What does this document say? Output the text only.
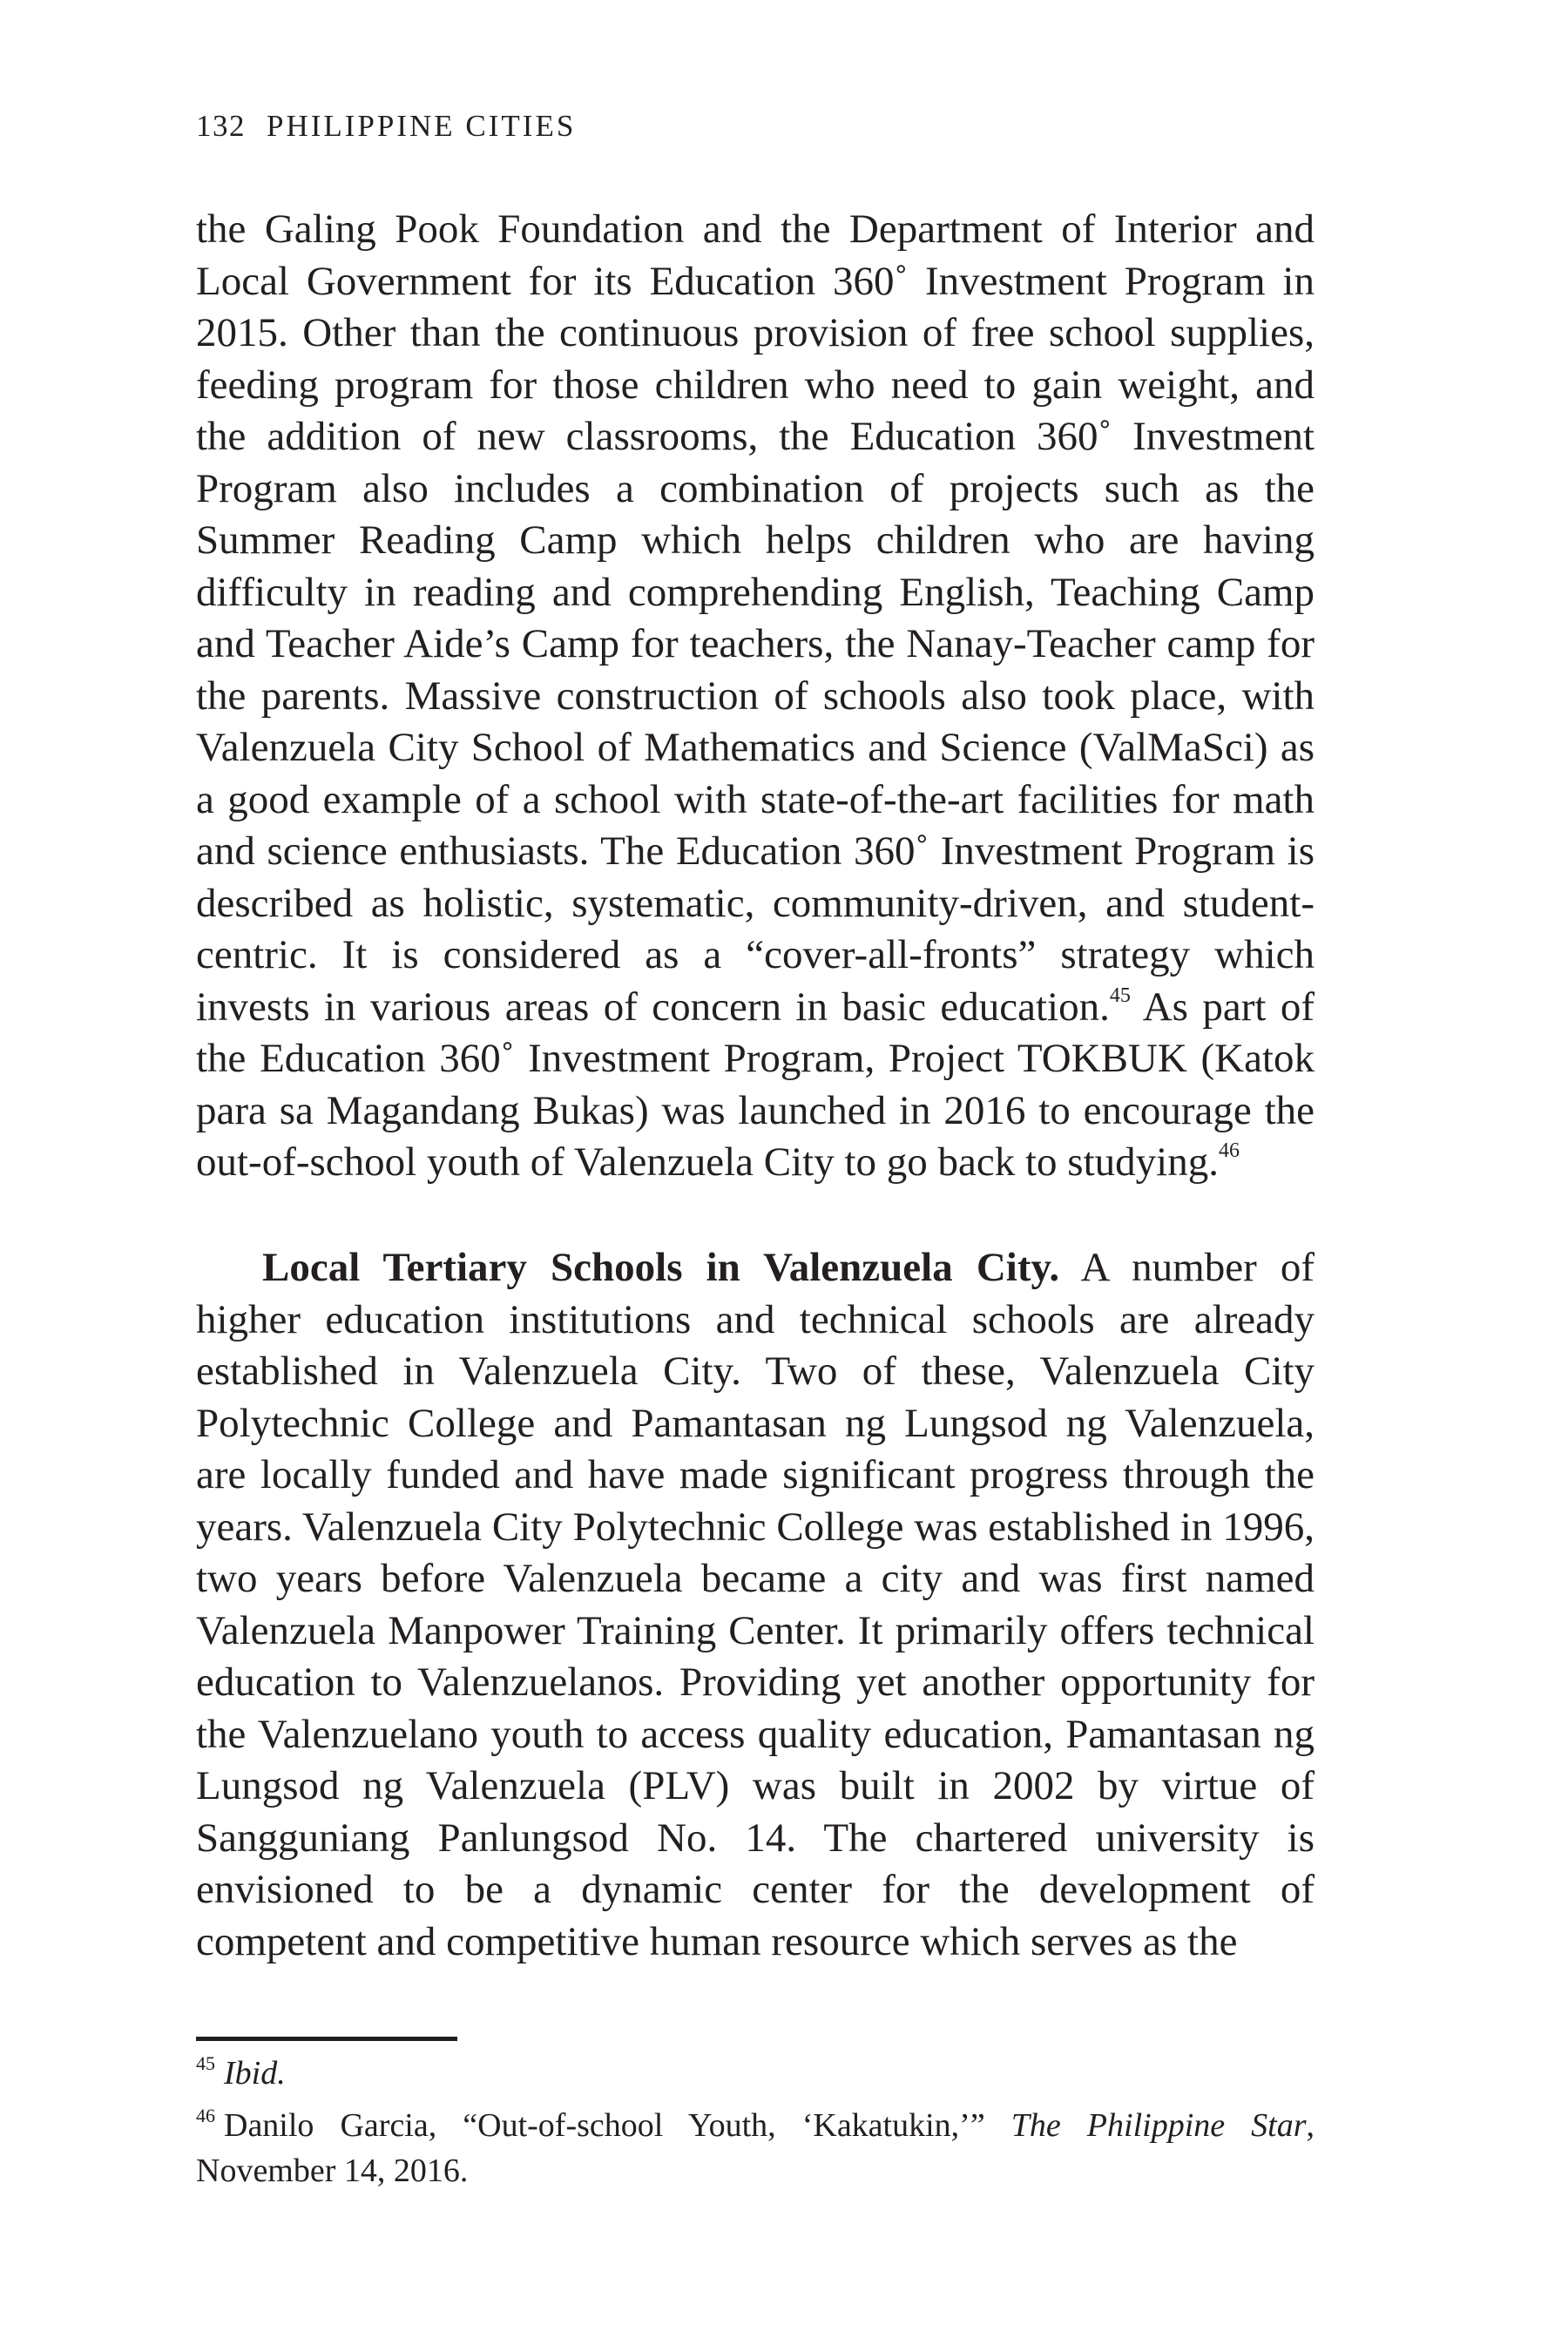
132 PHILIPPINE CITIES

the Galing Pook Foundation and the Department of Interior and Local Government for its Education 360˚ Investment Program in 2015. Other than the continuous provision of free school supplies, feeding program for those children who need to gain weight, and the addition of new classrooms, the Education 360˚ Investment Program also includes a combination of projects such as the Summer Reading Camp which helps children who are having difficulty in reading and comprehending English, Teaching Camp and Teacher Aide’s Camp for teachers, the Nanay-Teacher camp for the parents. Massive construction of schools also took place, with Valenzuela City School of Mathematics and Science (ValMaSci) as a good example of a school with state-of-the-art facilities for math and science enthusiasts. The Education 360˚ Investment Program is described as holistic, systematic, community-driven, and student-centric. It is considered as a “cover-all-fronts” strategy which invests in various areas of concern in basic education.$^{45}$ As part of the Education 360˚ Investment Program, Project TOKBUK (Katok para sa Magandang Bukas) was launched in 2016 to encourage the out-of-school youth of Valenzuela City to go back to studying.$^{46}$

Local Tertiary Schools in Valenzuela City. A number of higher education institutions and technical schools are already established in Valenzuela City. Two of these, Valenzuela City Polytechnic College and Pamantasan ng Lungsod ng Valenzuela, are locally funded and have made significant progress through the years. Valenzuela City Polytechnic College was established in 1996, two years before Valenzuela became a city and was first named Valenzuela Manpower Training Center. It primarily offers technical education to Valenzuelanos. Providing yet another opportunity for the Valenzuelano youth to access quality education, Pamantasan ng Lungsod ng Valenzuela (PLV) was built in 2002 by virtue of Sangguniang Panlungsod No. 14. The chartered university is envisioned to be a dynamic center for the development of competent and competitive human resource which serves as the

$^{45}$ Ibid.

$^{46}$ Danilo Garcia, “Out-of-school Youth, ‘Kakatukin,’” The Philippine Star, November 14, 2016.
